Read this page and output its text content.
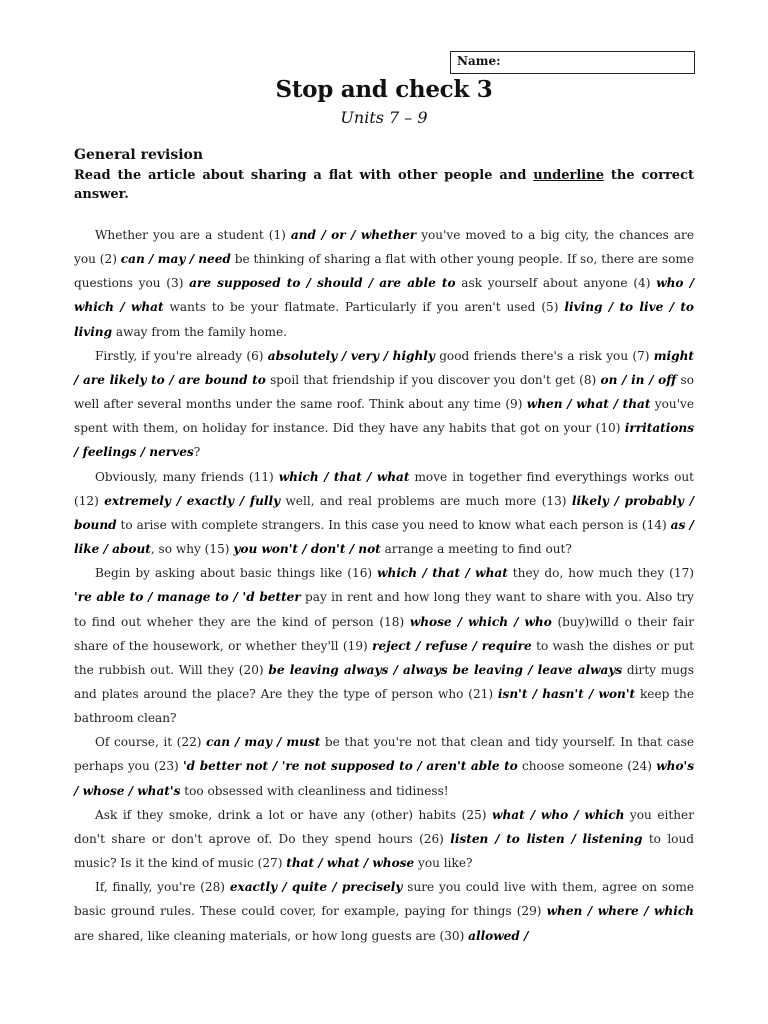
Name:
Stop and check 3
Units 7 – 9
General revision
Read the article about sharing a flat with other people and underline the correct answer.

Whether you are a student (1) and / or / whether you've moved to a big city, the chances are you (2) can / may / need be thinking of sharing a flat with other young people. If so, there are some questions you (3) are supposed to / should / are able to ask yourself about anyone (4) who / which / what wants to be your flatmate. Particularly if you aren't used (5) living / to live / to living away from the family home.

Firstly, if you're already (6) absolutely / very / highly good friends there's a risk you (7) might / are likely to / are bound to spoil that friendship if you discover you don't get (8) on / in / off so well after several months under the same roof. Think about any time (9) when / what / that you've spent with them, on holiday for instance. Did they have any habits that got on your (10) irritations / feelings / nerves?

Obviously, many friends (11) which / that / what move in together find everythings works out (12) extremely / exactly / fully well, and real problems are much more (13) likely / probably / bound to arise with complete strangers. In this case you need to know what each person is (14) as / like / about, so why (15) you won't / don't / not arrange a meeting to find out?

Begin by asking about basic things like (16) which / that / what they do, how much they (17) 're able to / manage to / 'd better pay in rent and how long they want to share with you. Also try to find out wheher they are the kind of person (18) whose / which / who (buy)willd o their fair share of the housework, or whether they'll (19) reject / refuse / require to wash the dishes or put the rubbish out. Will they (20) be leaving always / always be leaving / leave always dirty mugs and plates around the place? Are they the type of person who (21) isn't / hasn't / won't keep the bathroom clean?

Of course, it (22) can / may / must be that you're not that clean and tidy yourself. In that case perhaps you (23) 'd better not / 're not supposed to / aren't able to choose someone (24) who's / whose / what's too obsessed with cleanliness and tidiness!

Ask if they smoke, drink a lot or have any (other) habits (25) what / who / which you either don't share or don't aprove of. Do they spend hours (26) listen / to listen / listening to loud music? Is it the kind of music (27) that / what / whose you like?

If, finally, you're (28) exactly / quite / precisely sure you could live with them, agree on some basic ground rules. These could cover, for example, paying for things (29) when / where / which are shared, like cleaning materials, or how long guests are (30) allowed /
